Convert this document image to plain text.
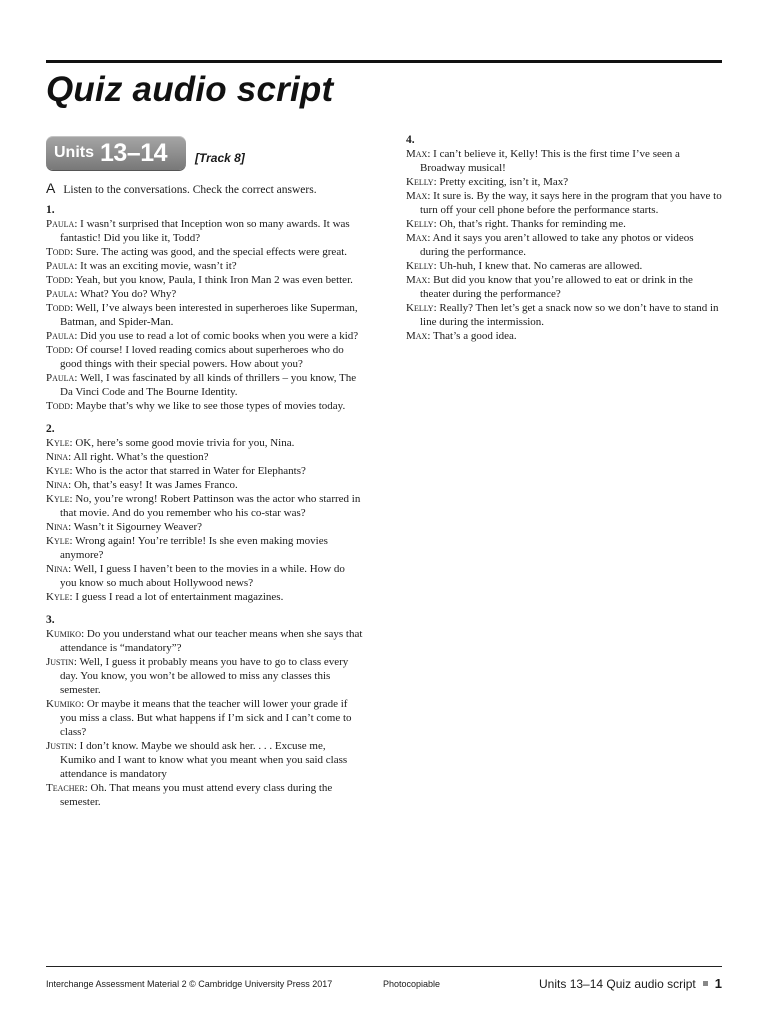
Quiz audio script
Units 13–14 [Track 8]
A Listen to the conversations. Check the correct answers.
1.
Paula: I wasn’t surprised that Inception won so many awards. It was fantastic! Did you like it, Todd?
Todd: Sure. The acting was good, and the special effects were great.
Paula: It was an exciting movie, wasn’t it?
Todd: Yeah, but you know, Paula, I think Iron Man 2 was even better.
Paula: What? You do? Why?
Todd: Well, I’ve always been interested in superheroes like Superman, Batman, and Spider-Man.
Paula: Did you use to read a lot of comic books when you were a kid?
Todd: Of course! I loved reading comics about superheroes who do good things with their special powers. How about you?
Paula: Well, I was fascinated by all kinds of thrillers – you know, The Da Vinci Code and The Bourne Identity.
Todd: Maybe that’s why we like to see those types of movies today.
2.
Kyle: OK, here’s some good movie trivia for you, Nina.
Nina: All right. What’s the question?
Kyle: Who is the actor that starred in Water for Elephants?
Nina: Oh, that’s easy! It was James Franco.
Kyle: No, you’re wrong! Robert Pattinson was the actor who starred in that movie. And do you remember who his co-star was?
Nina: Wasn’t it Sigourney Weaver?
Kyle: Wrong again! You’re terrible! Is she even making movies anymore?
Nina: Well, I guess I haven’t been to the movies in a while. How do you know so much about Hollywood news?
Kyle: I guess I read a lot of entertainment magazines.
3.
Kumiko: Do you understand what our teacher means when she says that attendance is “mandatory”?
Justin: Well, I guess it probably means you have to go to class every day. You know, you won’t be allowed to miss any classes this semester.
Kumiko: Or maybe it means that the teacher will lower your grade if you miss a class. But what happens if I’m sick and I can’t come to class?
Justin: I don’t know. Maybe we should ask her. . . . Excuse me, Kumiko and I want to know what you meant when you said class attendance is mandatory
Teacher: Oh. That means you must attend every class during the semester.
4.
Max: I can’t believe it, Kelly! This is the first time I’ve seen a Broadway musical!
Kelly: Pretty exciting, isn’t it, Max?
Max: It sure is. By the way, it says here in the program that you have to turn off your cell phone before the performance starts.
Kelly: Oh, that’s right. Thanks for reminding me.
Max: And it says you aren’t allowed to take any photos or videos during the performance.
Kelly: Uh-huh, I knew that. No cameras are allowed.
Max: But did you know that you’re allowed to eat or drink in the theater during the performance?
Kelly: Really? Then let’s get a snack now so we don’t have to stand in line during the intermission.
Max: That’s a good idea.
Interchange Assessment Material 2 © Cambridge University Press 2017	Photocopiable	Units 13–14 Quiz audio script 1
